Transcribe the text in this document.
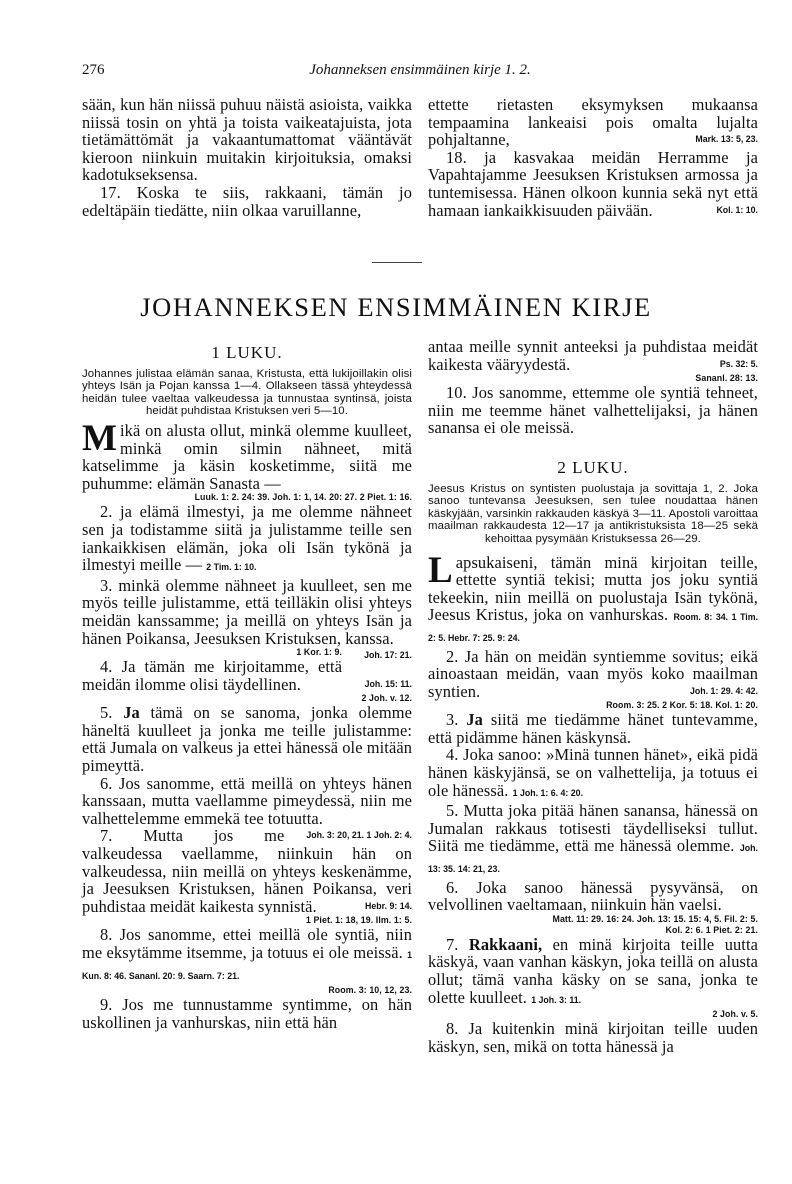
276	Johanneksen ensimmäinen kirje 1. 2.

sään, kun hän niissä puhuu näistä asioista, vaikka niissä tosin on yhtä ja toista vaikeatajuista, jota tietämättömät ja vakaantumattomat vääntävät kieroon niinkuin muitakin kirjoituksia, omaksi kadotukseksensa.

17. Koska te siis, rakkaani, tämän jo edeltäpäin tiedätte, niin olkaa varuillanne,

ettette rietasten eksymyksen mukaansa tempaamina lankeaisi pois omalta lujalta pohjaltanne,	Mark. 13: 5, 23.

18. ja kasvakaa meidän Herramme ja Vapahtajamme Jeesuksen Kristuksen armossa ja tuntemisessa. Hänen olkoon kunnia sekä nyt että hamaan iankaikkisuuden päivään.	Kol. 1: 10.

JOHANNEKSEN ENSIMMÄINEN KIRJE
1 LUKU.
Johannes julistaa elämän sanaa, Kristusta, että lukijoillakin olisi yhteys Isän ja Pojan kanssa 1—4. Ollakseen tässä yhteydessä heidän tulee vaeltaa valkeudessa ja tunnustaa syntinsä, joista heidät puhdistaa Kristuksen veri 5—10.

Mikä on alusta ollut, minkä olemme kuulleet, minkä omin silmin nähneet, mitä katselimme ja käsin kosketimme, siitä me puhumme: elämän Sanasta —

Luuk. 1: 2. 24: 39. Joh. 1: 1, 14. 20: 27. 2 Piet. 1: 16.

2. ja elämä ilmestyi, ja me olemme nähneet sen ja todistamme siitä ja julistamme teille sen iankaikkisen elämän, joka oli Isän tykönä ja ilmestyi meille — 2 Tim. 1: 10.

3. minkä olemme nähneet ja kuulleet, sen me myös teille julistamme, että teilläkin olisi yhteys meidän kanssamme; ja meillä on yhteys Isän ja hänen Poikansa, Jeesuksen Kristuksen, kanssa.
Joh. 17: 21.

1 Kor. 1: 9.

4. Ja tämän me kirjoitamme, että meidän ilomme olisi täydellinen.	Joh. 15: 11.

2 Joh. v. 12.

5. Ja tämä on se sanoma, jonka olemme häneltä kuulleet ja jonka me teille julistamme: että Jumala on valkeus ja ettei hänessä ole mitään pimeyttä.

6. Jos sanomme, että meillä on yhteys hänen kanssaan, mutta vaellamme pimeydessä, niin me valhettelemme emmekä tee totuutta.
Joh. 3: 20, 21. 1 Joh. 2: 4.

7. Mutta jos me valkeudessa vaellamme, niinkuin hän on valkeudessa, niin meillä on yhteys keskenämme, ja Jeesuksen Kristuksen, hänen Poikansa, veri puhdistaa meidät kaikesta synnistä.	Hebr. 9: 14.

1 Piet. 1: 18, 19. Ilm. 1: 5.

8. Jos sanomme, ettei meillä ole syntiä, niin me eksytämme itsemme, ja totuus ei ole meissä. 1 Kun. 8: 46. Sananl. 20: 9. Saarn. 7: 21.

Room. 3: 10, 12, 23.

9. Jos me tunnustamme syntimme, on hän uskollinen ja vanhurskas, niin että hän

antaa meille synnit anteeksi ja puhdistaa meidät kaikesta vääryydestä.	Ps. 32: 5.

Sananl. 28: 13.

10. Jos sanomme, ettemme ole syntiä tehneet, niin me teemme hänet valhettelijaksi, ja hänen sanansa ei ole meissä.

2 LUKU.
Jeesus Kristus on syntisten puolustaja ja sovittaja 1, 2. Joka sanoo tuntevansa Jeesuksen, sen tulee noudattaa hänen käskyjään, varsinkin rakkauden käskyä 3—11. Apostoli varoittaa maailman rakkaudesta 12—17 ja antikristuksista 18—25 sekä kehoittaa pysymään Kristuksessa 26—29.

Lapsukaiseni, tämän minä kirjoitan teille, ettette syntiä tekisi; mutta jos joku syntiä tekeekin, niin meillä on puolustaja Isän tykönä, Jeesus Kristus, joka on vanhurskas. Room. 8: 34. 1 Tim. 2: 5. Hebr. 7: 25. 9: 24.

2. Ja hän on meidän syntiemme sovitus; eikä ainoastaan meidän, vaan myös koko maailman syntien.	Joh. 1: 29. 4: 42.

Room. 3: 25. 2 Kor. 5: 18. Kol. 1: 20.

3. Ja siitä me tiedämme hänet tuntevamme, että pidämme hänen käskynsä.

4. Joka sanoo: »Minä tunnen hänet», eikä pidä hänen käskyjänsä, se on valhettelija, ja totuus ei ole hänessä. 1 Joh. 1: 6. 4: 20.

5. Mutta joka pitää hänen sanansa, hänessä on Jumalan rakkaus totisesti täydelliseksi tullut. Siitä me tiedämme, että me hänessä olemme. Joh. 13: 35. 14: 21, 23.

6. Joka sanoo hänessä pysyvänsä, on velvollinen vaeltamaan, niinkuin hän vaelsi.

Matt. 11: 29. 16: 24. Joh. 13: 15. 15: 4, 5. Fil. 2: 5.
Kol. 2: 6. 1 Piet. 2: 21.

7. Rakkaani, en minä kirjoita teille uutta käskyä, vaan vanhan käskyn, joka teillä on alusta ollut; tämä vanha käsky on se sana, jonka te olette kuulleet. 1 Joh. 3: 11.

2 Joh. v. 5.

8. Ja kuitenkin minä kirjoitan teille uuden käskyn, sen, mikä on totta hänessä ja
